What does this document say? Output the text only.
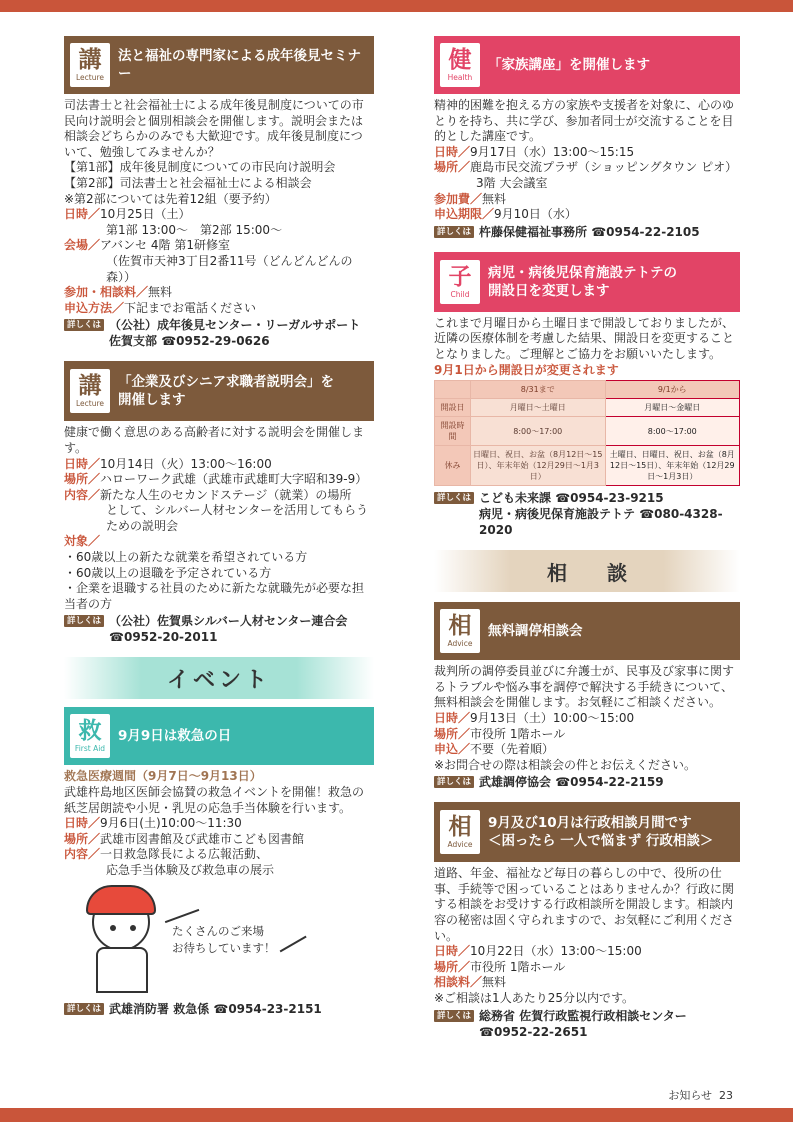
講
Lecture
法と福祉の専門家による成年後見セミナー
司法書士と社会福祉士による成年後見制度についての市民向け説明会と個別相談会を開催します。説明会または相談会どちらかのみでも大歓迎です。成年後見制度について、勉強してみませんか？
【第1部】成年後見制度についての市民向け説明会
【第2部】司法書士と社会福祉士による相談会
※第2部については先着12組（要予約）
日時／10月25日（土）
第1部 13:00～　第2部 15:00～
会場／アバンセ 4階 第1研修室
（佐賀市天神3丁目2番11号（どんどんどんの森））
参加・相談料／無料
申込方法／下記までお電話ください
詳しくは （公社）成年後見センター・リーガルサポート
佐賀支部 ☎0952-29-0626
講
Lecture
「企業及びシニア求職者説明会」を
開催します
健康で働く意思のある高齢者に対する説明会を開催します。
日時／10月14日（火）13:00～16:00
場所／ハローワーク武雄（武雄市武雄町大字昭和39-9）
内容／新たな人生のセカンドステージ（就業）の場所
として、シルバー人材センターを活用してもらうための説明会
対象／
・60歳以上の新たな就業を希望されている方
・60歳以上の退職を予定されている方
・企業を退職する社員のために新たな就職先が必要な担当者の方
詳しくは （公社）佐賀県シルバー人材センター連合会
☎0952-20-2011
イベント
救
First Aid
9月9日は救急の日
救急医療週間（9月7日～9月13日）
武雄杵島地区医師会協賛の救急イベントを開催！救急の紙芝居朗読や小児・乳児の応急手当体験を行います。
日時／9月6日(土)10:00～11:30
場所／武雄市図書館及び武雄市こども図書館
内容／一日救急隊長による広報活動、
応急手当体験及び救急車の展示
たくさんのご来場
お待ちしています！
詳しくは 武雄消防署 救急係 ☎0954-23-2151
健
Health
「家族講座」を開催します
精神的困難を抱える方の家族や支援者を対象に、心のゆとりを持ち、共に学び、参加者同士が交流することを目的とした講座です。
日時／9月17日（水）13:00～15:15
場所／鹿島市民交流プラザ（ショッピングタウン ピオ）
3階 大会議室
参加費／無料
申込期限／9月10日（水）
詳しくは 杵藤保健福祉事務所 ☎0954-22-2105
子
Child
病児・病後児保育施設テトテの
開設日を変更します
これまで月曜日から土曜日まで開設しておりましたが、近隣の医療体制を考慮した結果、開設日を変更することとなりました。ご理解とご協力をお願いいたします。
9月1日から開設日が変更されます
	8/31まで	9/1から
開設日	月曜日～土曜日	月曜日～金曜日
開設時間	8:00～17:00	8:00～17:00
休み	日曜日、祝日、お盆（8月12日～15日）、年末年始（12月29日～1月3日）	土曜日、日曜日、祝日、お盆（8月12日～15日）、年末年始（12月29日～1月3日）
詳しくは こども未来課 ☎0954-23-9215
病児・病後児保育施設テトテ ☎080-4328-2020
相談
相
Advice
無料調停相談会
裁判所の調停委員並びに弁護士が、民事及び家事に関するトラブルや悩み事を調停で解決する手続きについて、無料相談会を開催します。お気軽にご相談ください。
日時／9月13日（土）10:00～15:00
場所／市役所 1階ホール
申込／不要（先着順）
※お問合せの際は相談会の件とお伝えください。
詳しくは 武雄調停協会 ☎0954-22-2159
相
Advice
9月及び10月は行政相談月間です
＜困ったら 一人で悩まず 行政相談＞
道路、年金、福祉など毎日の暮らしの中で、役所の仕事、手続等で困っていることはありませんか？行政に関する相談をお受けする行政相談所を開設します。相談内容の秘密は固く守られますので、お気軽にご利用ください。
日時／10月22日（水）13:00～15:00
場所／市役所 1階ホール
相談料／無料
※ご相談は1人あたり25分以内です。
詳しくは 総務省 佐賀行政監視行政相談センター
☎0952-22-2651
お知らせ 23
